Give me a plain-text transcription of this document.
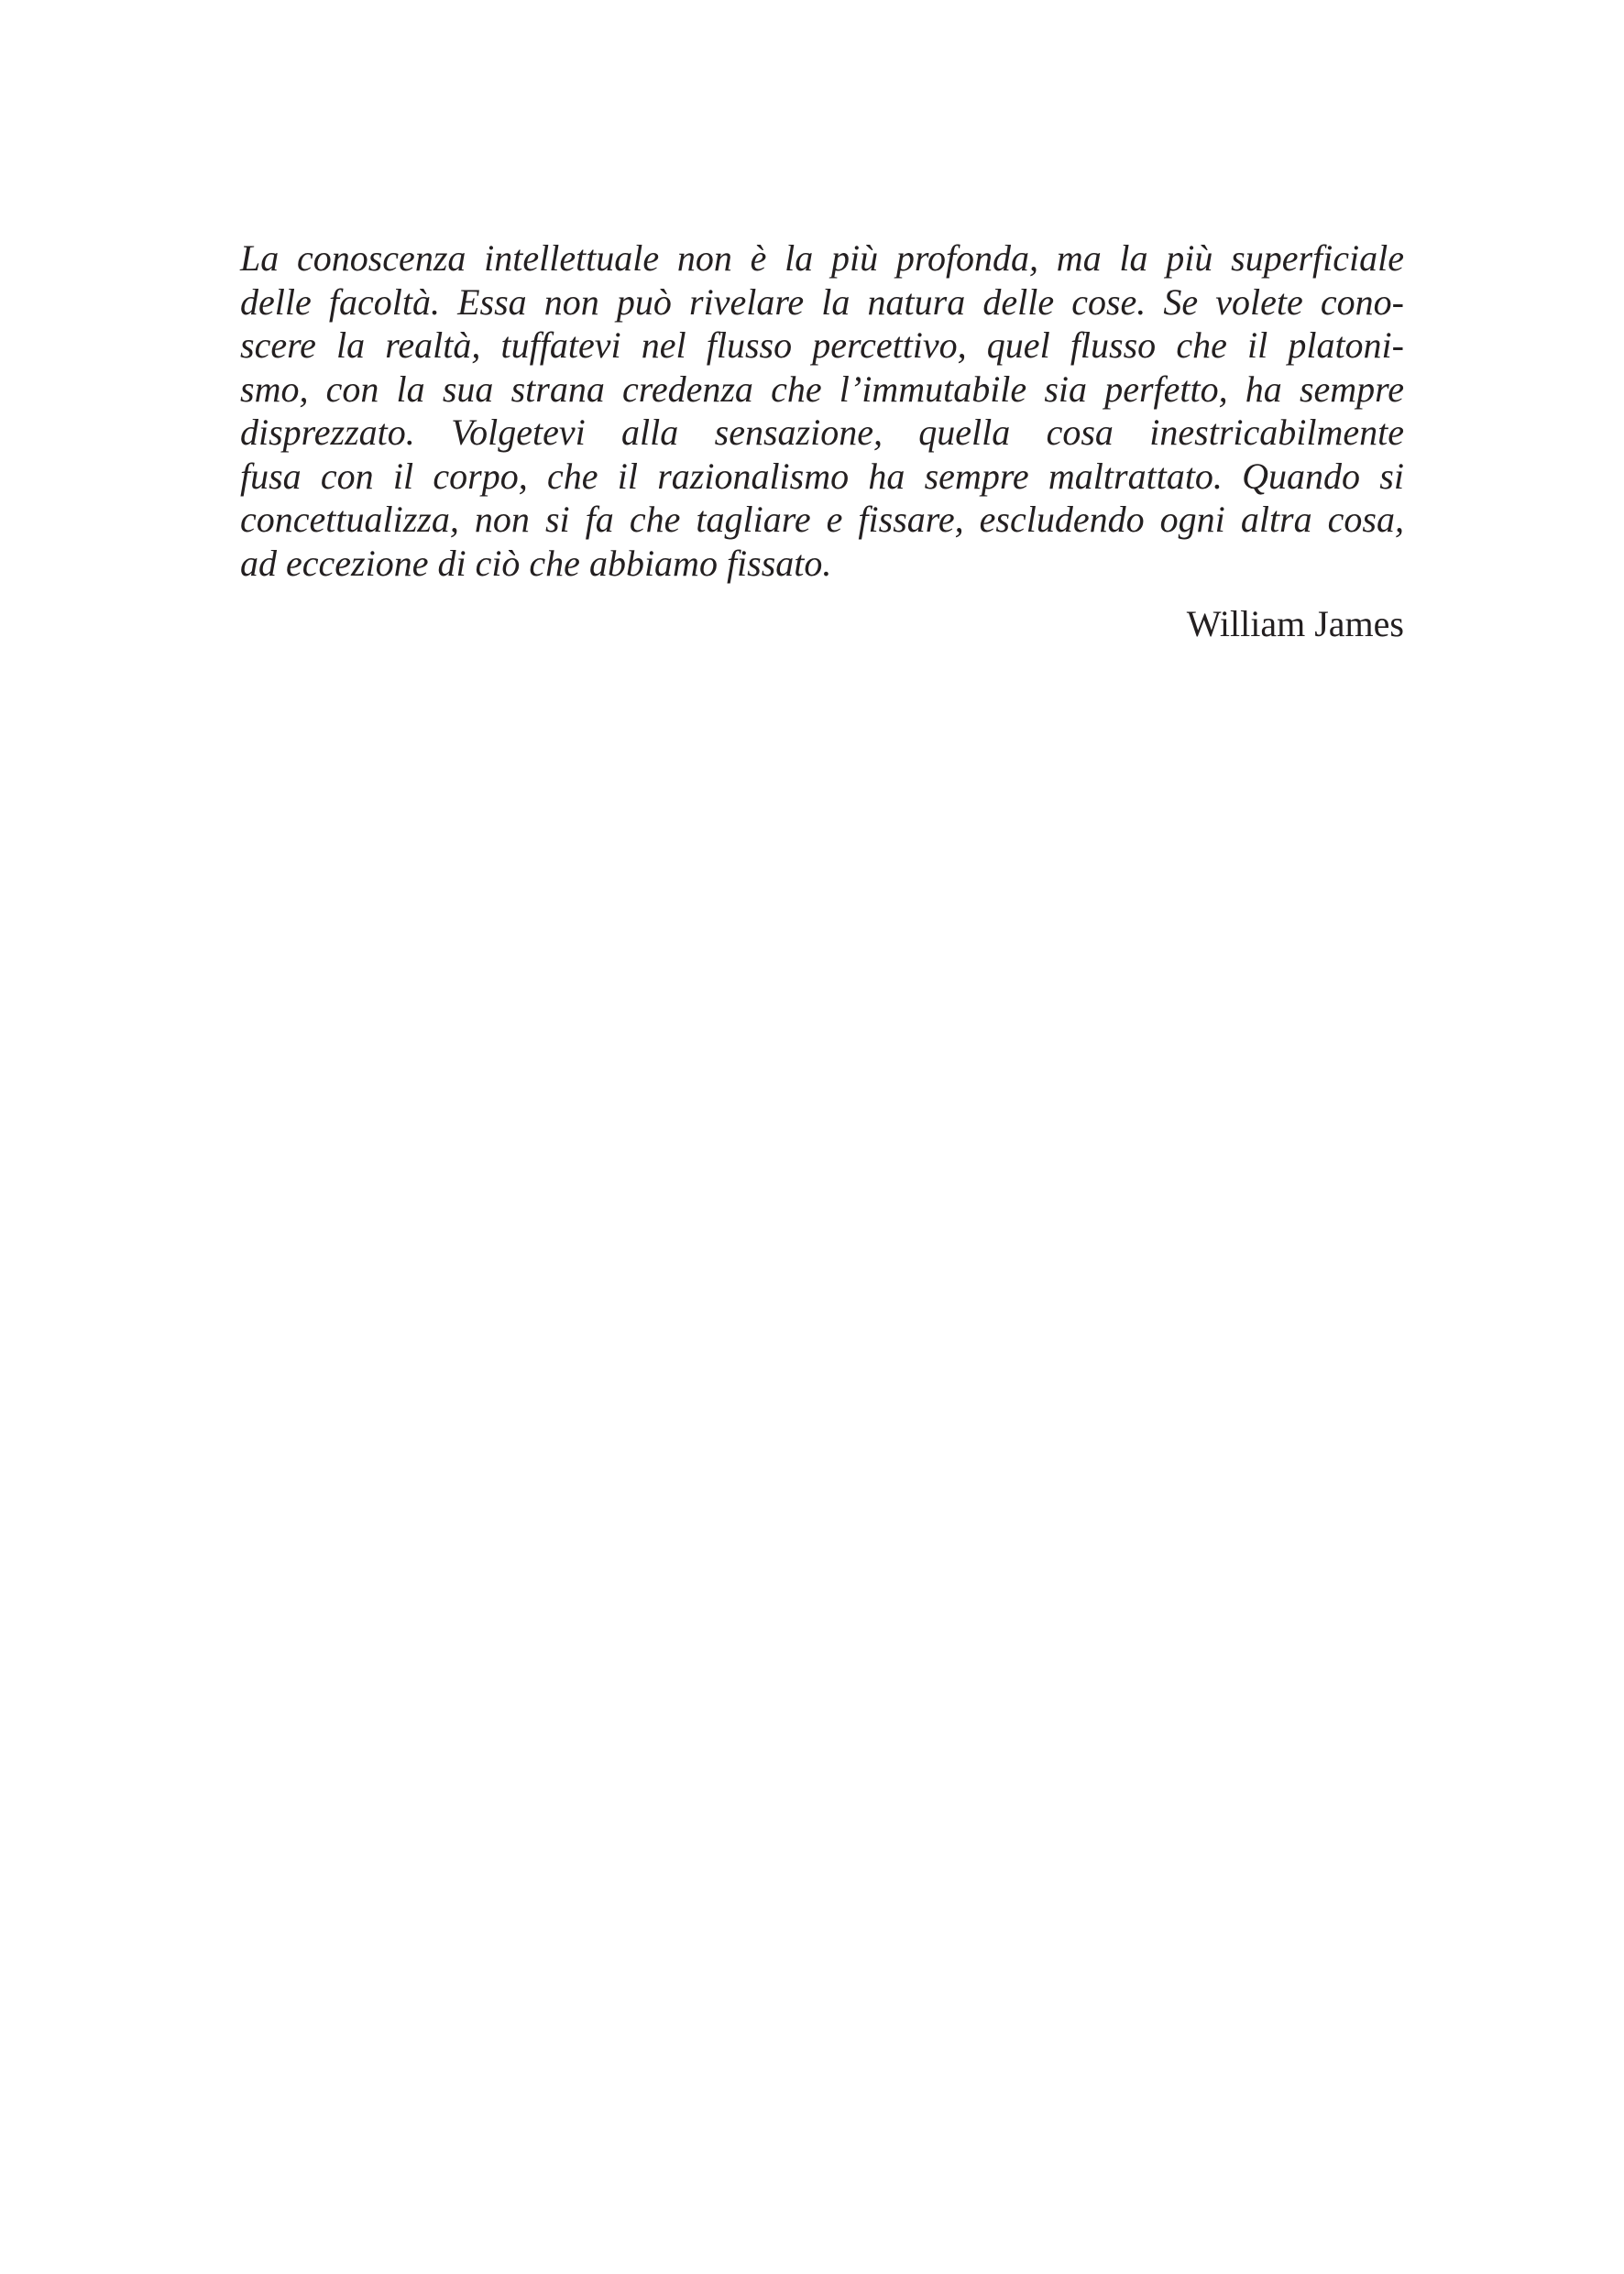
La conoscenza intellettuale non è la più profonda, ma la più superficiale
delle facoltà. Essa non può rivelare la natura delle cose. Se volete cono-
scere la realtà, tuffatevi nel flusso percettivo, quel flusso che il platoni-
smo, con la sua strana credenza che l’immutabile sia perfetto, ha sempre
disprezzato. Volgetevi alla sensazione, quella cosa inestricabilmente
fusa con il corpo, che il razionalismo ha sempre maltrattato. Quando si
concettualizza, non si fa che tagliare e fissare, escludendo ogni altra cosa,
ad eccezione di ciò che abbiamo fissato.

William James
